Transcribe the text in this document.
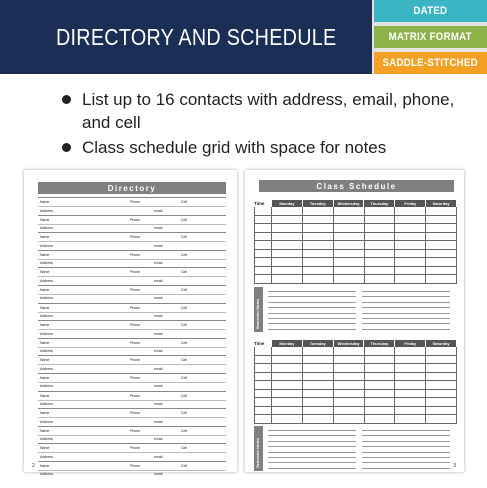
DIRECTORY AND SCHEDULE
DATED
MATRIX FORMAT
SADDLE-STITCHED
List up to 16 contacts with address, email, phone, and cell
Class schedule grid with space for notes
Directory
Name	Phone	Cell
Address	email
Name	Phone	Cell
Address	email
Name	Phone	Cell
Address	email
Name	Phone	Cell
Address	email
Name	Phone	Cell
Address	email
Name	Phone	Cell
Address	email
Name	Phone	Cell
Address	email
Name	Phone	Cell
Address	email
Name	Phone	Cell
Address	email
Name	Phone	Cell
Address	email
Name	Phone	Cell
Address	email
Name	Phone	Cell
Address	email
Name	Phone	Cell
Address	email
Name	Phone	Cell
Address	email
Name	Phone	Cell
Address	email
Name	Phone	Cell
Address	email
2
Class Schedule
Time	Monday	Tuesday	Wednesday	Thursday	Friday	Saturday
Semester Notes
Time	Monday	Tuesday	Wednesday	Thursday	Friday	Saturday
Semester Notes	3
